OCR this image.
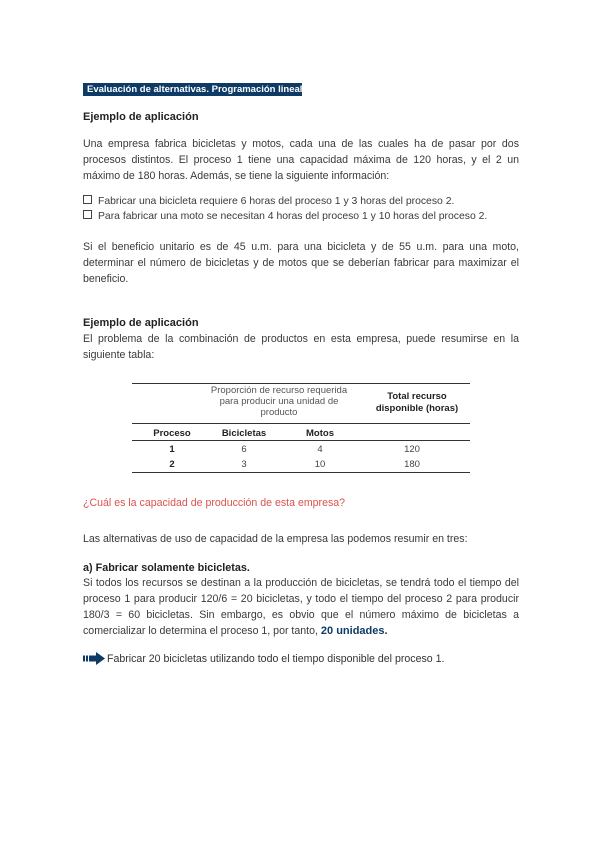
Evaluación de alternativas. Programación lineal
Ejemplo de aplicación
Una empresa fabrica bicicletas y motos, cada una de las cuales ha de pasar por dos procesos distintos. El proceso 1 tiene una capacidad máxima de 120 horas, y el 2 un máximo de 180 horas. Además, se tiene la siguiente información:
Fabricar una bicicleta requiere 6 horas del proceso 1 y 3 horas del proceso 2.
Para fabricar una moto se necesitan 4 horas del proceso 1 y 10 horas del proceso 2.
Si el beneficio unitario es de 45 u.m. para una bicicleta y de 55 u.m. para una moto, determinar el número de bicicletas y de motos que se deberían fabricar para maximizar el beneficio.
Ejemplo de aplicación
El problema de la combinación de productos en esta empresa, puede resumirse en la siguiente tabla:
Proporción de recurso requerida para producir una unidad de producto
Total recurso disponible (horas)
Proceso	Bicicletas	Motos
1	6	4	120
2	3	10	180
¿Cuál es la capacidad de producción de esta empresa?
Las alternativas de uso de capacidad de la empresa las podemos resumir en tres:
a) Fabricar solamente bicicletas.
Si todos los recursos se destinan a la producción de bicicletas, se tendrá todo el tiempo del proceso 1 para producir 120/6 = 20 bicicletas, y todo el tiempo del proceso 2 para producir 180/3 = 60 bicicletas. Sin embargo, es obvio que el número máximo de bicicletas a comercializar lo determina el proceso 1, por tanto, 20 unidades.
Fabricar 20 bicicletas utilizando todo el tiempo disponible del proceso 1.
